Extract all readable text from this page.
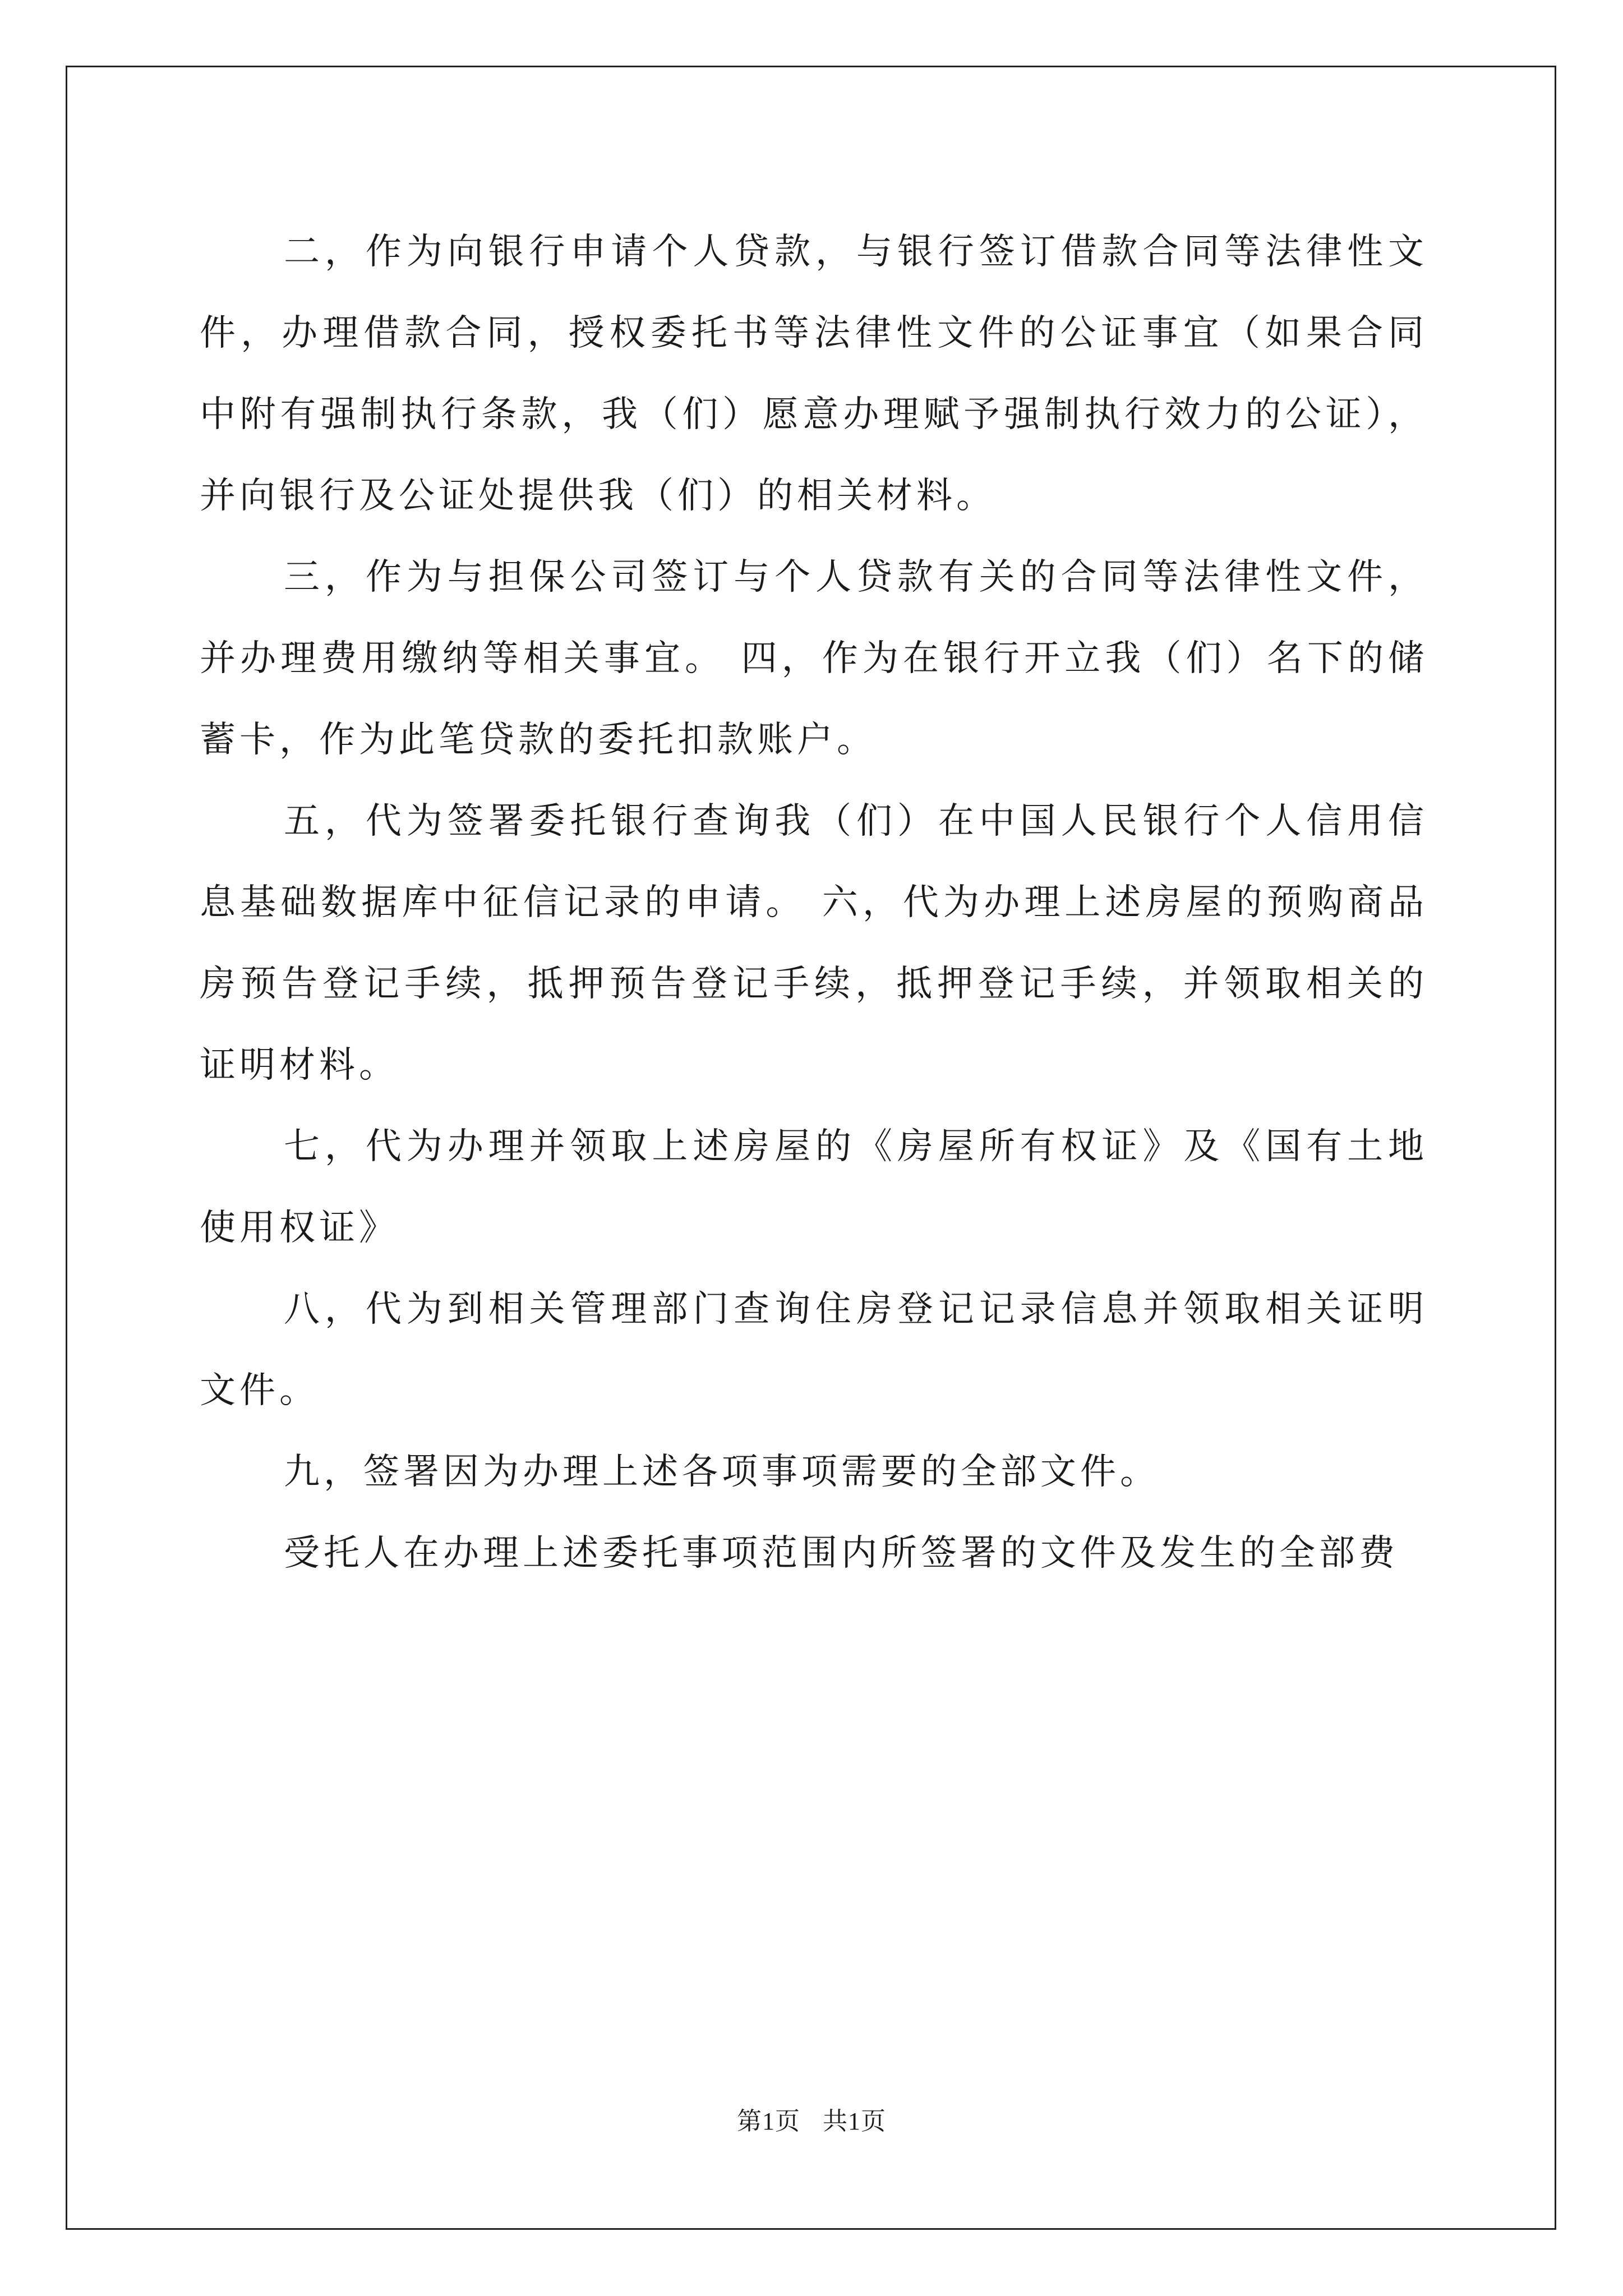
二，作为向银行申请个人贷款，与银行签订借款合同等法律性文件，办理借款合同，授权委托书等法律性文件的公证事宜（如果合同中附有强制执行条款，我（们）愿意办理赋予强制执行效力的公证），并向银行及公证处提供我（们）的相关材料。

三，作为与担保公司签订与个人贷款有关的合同等法律性文件，并办理费用缴纳等相关事宜。 四，作为在银行开立我（们）名下的储蓄卡，作为此笔贷款的委托扣款账户。

五，代为签署委托银行查询我（们）在中国人民银行个人信用信息基础数据库中征信记录的申请。 六，代为办理上述房屋的预购商品房预告登记手续，抵押预告登记手续，抵押登记手续，并领取相关的证明材料。

七，代为办理并领取上述房屋的《房屋所有权证》及《国有土地使用权证》

八，代为到相关管理部门查询住房登记记录信息并领取相关证明文件。

九，签署因为办理上述各项事项需要的全部文件。

受托人在办理上述委托事项范围内所签署的文件及发生的全部费

第1页 共1页
